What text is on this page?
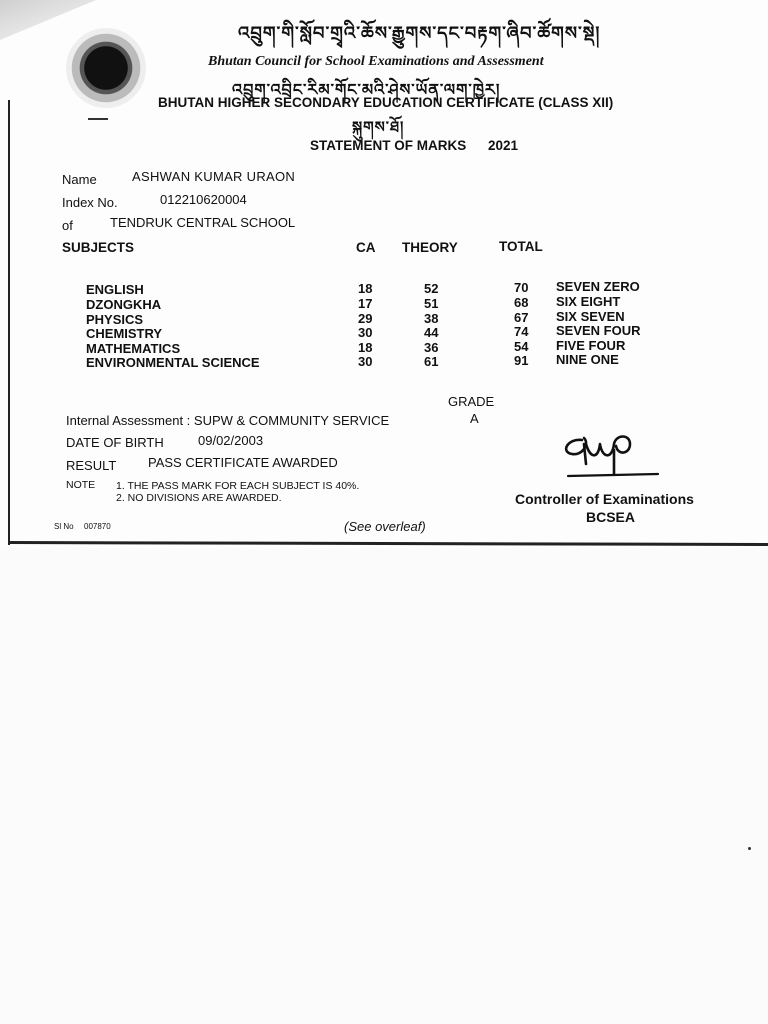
འབྲུག་གི་སློབ་གྲྭའི་ཆོས་རྒྱུགས་དང་བརྟག་ཞིབ་ཚོགས་སྡེ།
Bhutan Council for School Examinations and Assessment
འབྲུག་འབྲིང་རིམ་གོང་མའི་ཤེས་ཡོན་ལག་ཁྱེར།
BHUTAN HIGHER SECONDARY EDUCATION CERTIFICATE (CLASS XII)
སྐུགས་ཐོ།
STATEMENT OF MARKS 2021
Name	ASHWAN KUMAR URAON
Index No.	012210620004
of	TENDRUK CENTRAL SCHOOL
SUBJECTS	CA THEORY	TOTAL
ENGLISH	18	52	70 SEVEN ZERO
DZONGKHA	17	51	68 SIX EIGHT
PHYSICS	29	38	67 SIX SEVEN
CHEMISTRY	30	44	74 SEVEN FOUR
MATHEMATICS	18	36	54 FIVE FOUR
ENVIRONMENTAL SCIENCE	30	61	91 NINE ONE
GRADE
Internal Assessment : SUPW & COMMUNITY SERVICE	A
DATE OF BIRTH	09/02/2003
RESULT PASS CERTIFICATE AWARDED
NOTE 1. THE PASS MARK FOR EACH SUBJECT IS 40%.
2. NO DIVISIONS ARE AWARDED.
Sl No 007870	(See overleaf)
Controller of Examinations
BCSEA
